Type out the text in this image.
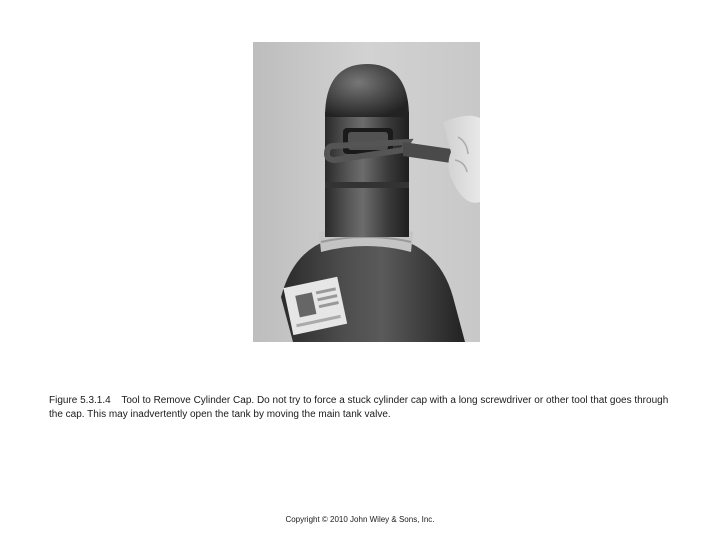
Figure 5.3.1.4 Tool to Remove Cylinder Cap. Do not try to force a stuck cylinder cap with a long screwdriver or other tool that goes through the cap. This may inadvertently open the tank by moving the main tank valve.

Copyright © 2010 John Wiley & Sons, Inc.
